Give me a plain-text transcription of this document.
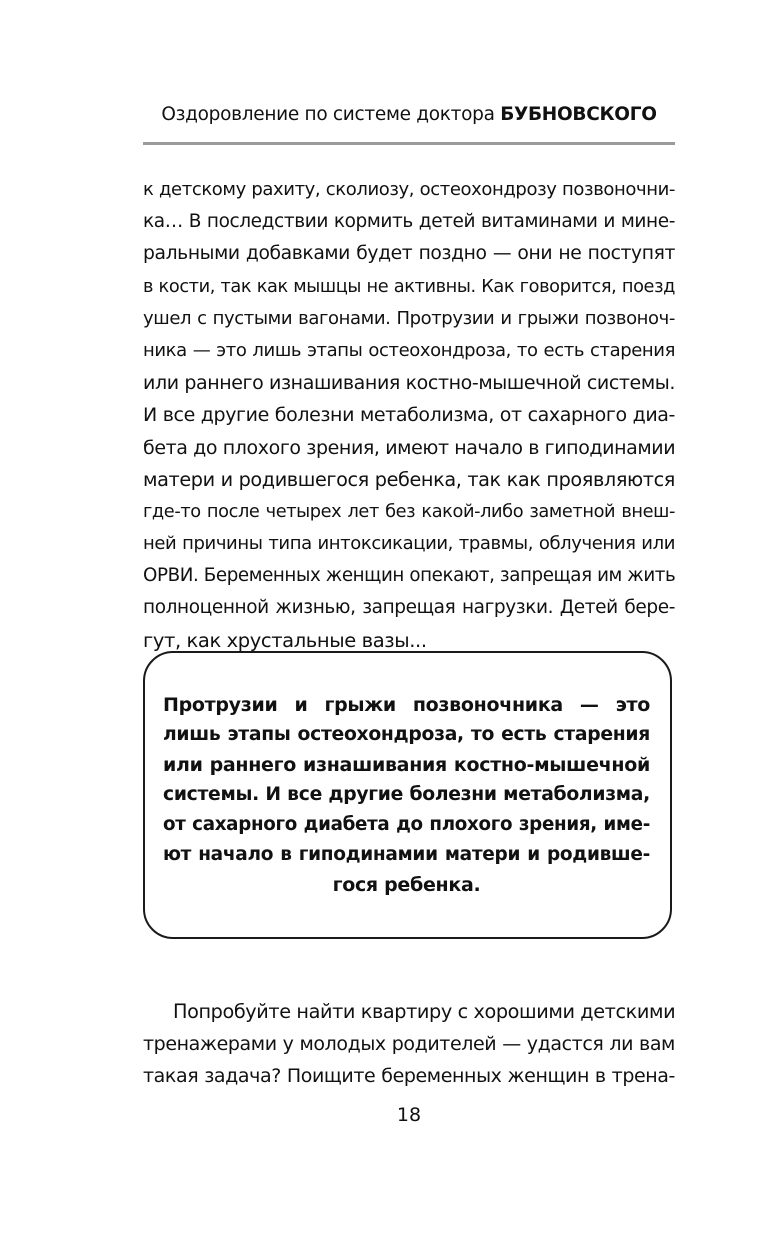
Оздоровление по системе доктора БУБНОВСКОГО
к детскому рахиту, сколиозу, остеохондрозу позвоночни-
ка… В последствии кормить детей витаминами и мине-
ральными добавками будет поздно — они не поступят
в кости, так как мышцы не активны. Как говорится, поезд
ушел с пустыми вагонами. Протрузии и грыжи позвоноч-
ника — это лишь этапы остеохондроза, то есть старения
или раннего изнашивания костно-мышечной системы.
И все другие болезни метаболизма, от сахарного диа-
бета до плохого зрения, имеют начало в гиподинамии
матери и родившегося ребенка, так как проявляются
где-то после четырех лет без какой-либо заметной внеш-
ней причины типа интоксикации, травмы, облучения или
ОРВИ. Беременных женщин опекают, запрещая им жить
полноценной жизнью, запрещая нагрузки. Детей бере-
гут, как хрустальные вазы...
Протрузии и грыжи позвоночника — это
лишь этапы остеохондроза, то есть старения
или раннего изнашивания костно-мышечной
системы. И все другие болезни метаболизма,
от сахарного диабета до плохого зрения, име-
ют начало в гиподинамии матери и родивше-
гося ребенка.
Попробуйте найти квартиру с хорошими детскими
тренажерами у молодых родителей — удастся ли вам
такая задача? Поищите беременных женщин в трена-
18
